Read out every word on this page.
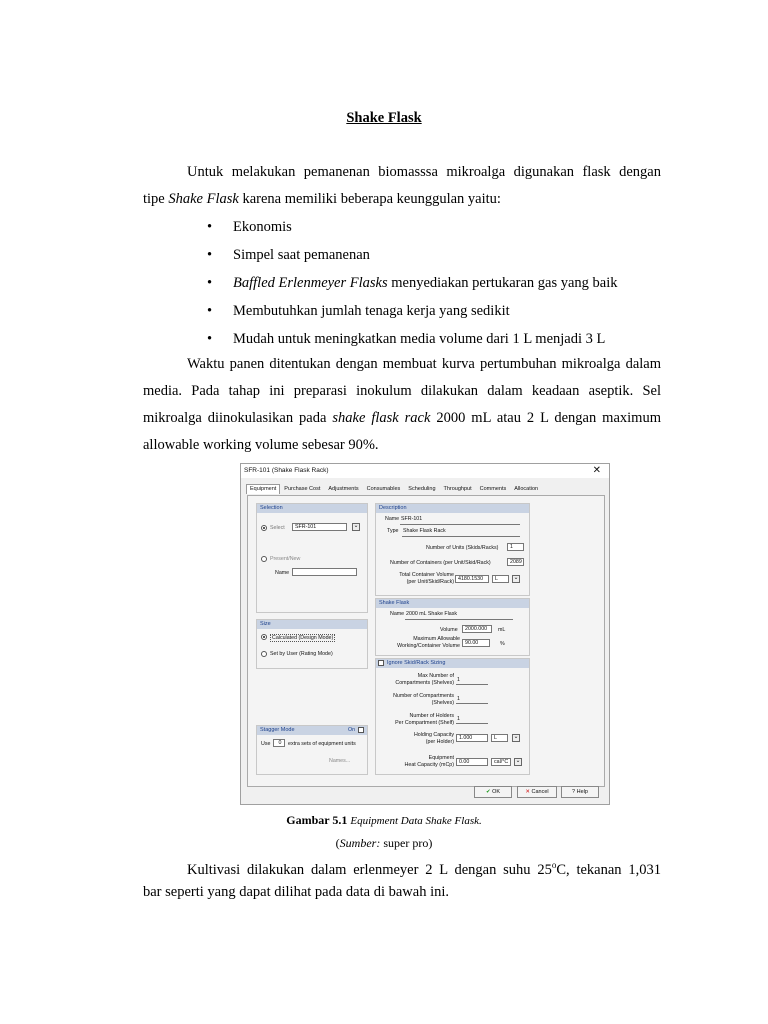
Shake Flask
Untuk melakukan pemanenan biomasssa mikroalga digunakan flask dengan
tipe Shake Flask karena memiliki beberapa keunggulan yaitu:
• Ekonomis
• Simpel saat pemanenan
• Baffled Erlenmeyer Flasks menyediakan pertukaran gas yang baik
• Membutuhkan jumlah tenaga kerja yang sedikit
• Mudah untuk meningkatkan media volume dari 1 L menjadi 3 L
Waktu panen ditentukan dengan membuat kurva pertumbuhan mikroalga dalam
media. Pada tahap ini preparasi inokulum dilakukan dalam keadaan aseptik. Sel
mikroalga diinokulasikan pada shake flask rack 2000 mL atau 2 L dengan maximum
allowable working volume sebesar 90%.
SFR-101 (Shake Flask Rack)	✕
Equipment	Purchase Cost	Adjustments	Consumables	Scheduling	Throughput	Comments	Allocation
Selection
Select	SFR-101	⌄
Present/New
Name
Size
Calculated (Design Mode)
Set by User (Rating Mode)
Stagger Mode	On
Use	0	extra sets of equipment units
Names...
Description
Name SFR-101
Type Shake Flask Rack
Number of Units (Skids/Racks)	1
Number of Containers (per Unit/Skid/Rack)	2089
Total Container Volume
(per Unit/Skid/Rack) 4180.1530	L	⌄
Shake Flask
Name 2000 mL Shake Flask
Volume	2000.000	mL
Maximum Allowable
Working/Container Volume 90.00	%
Ignore Skid/Rack Sizing
Max Number of
Compartments (Shelves) 1
Number of Compartments
(Shelves)
1
Number of Holders
Per Compartment (Shelf)
1
Holding Capacity
(per Holder)
1.000	L	⌄
Equipment
Heat Capacity (mCp) 0.00	cal/°C	⌄
✔ OK	✕ Cancel	? Help
Gambar 5.1 Equipment Data Shake Flask.
(Sumber: super pro)
Kultivasi dilakukan dalam erlenmeyer 2 L dengan suhu 25$^o$C, tekanan 1,031
bar seperti yang dapat dilihat pada data di bawah ini.
